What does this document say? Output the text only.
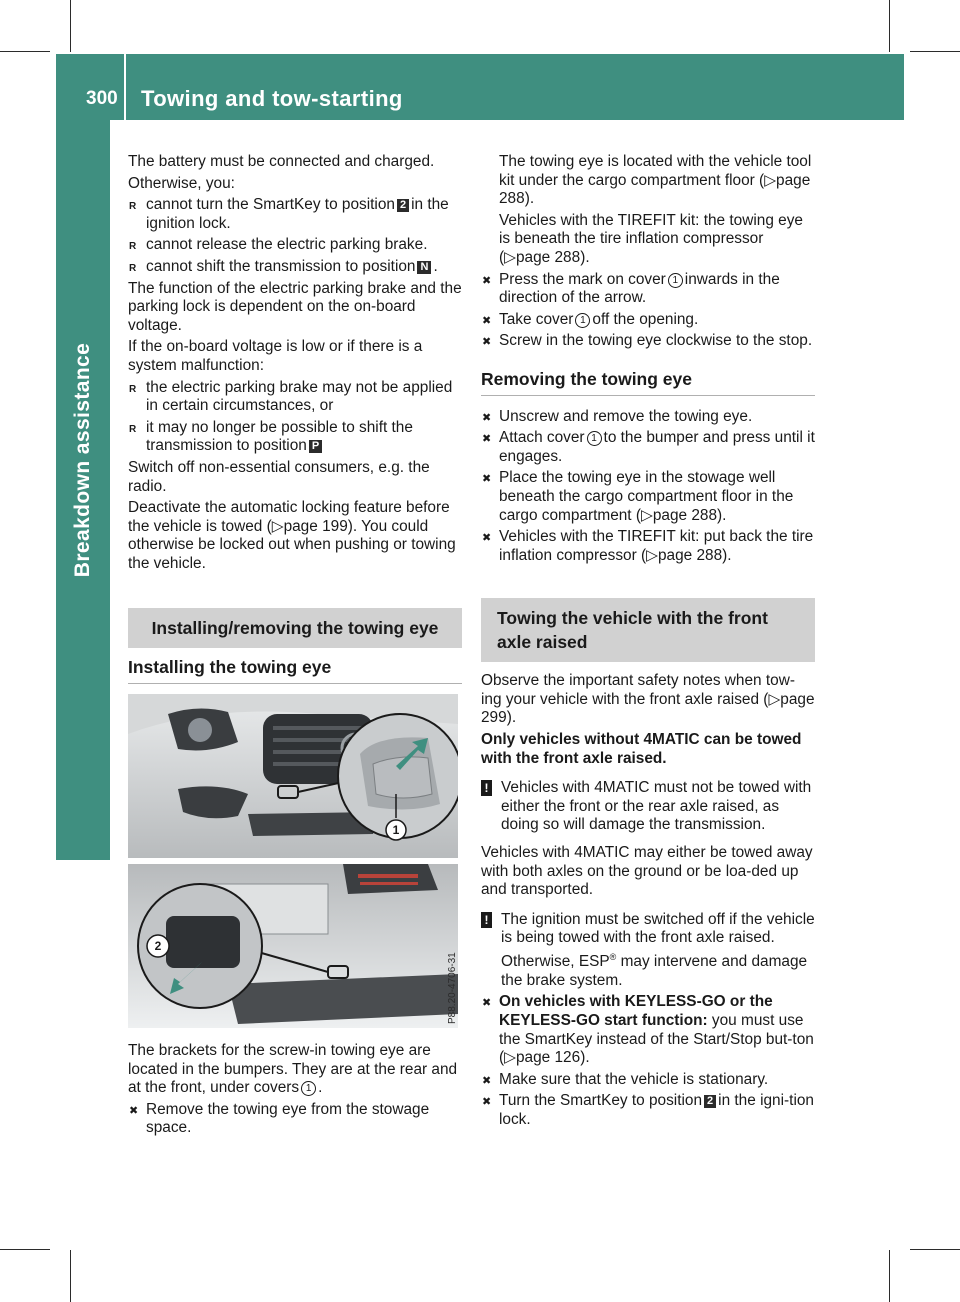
300 Towing and tow-starting
Breakdown assistance

The battery must be connected and charged.

Otherwise, you:

R cannot turn the SmartKey to position 2 in the ignition lock.
R cannot release the electric parking brake.
R cannot shift the transmission to position N .

The function of the electric parking brake and the parking lock is dependent on the on-board voltage.

If the on-board voltage is low or if there is a system malfunction:

R the electric parking brake may not be applied in certain circumstances, or
R it may no longer be possible to shift the transmission to position P

Switch off non-essential consumers, e.g. the radio.

Deactivate the automatic locking feature before the vehicle is towed (▷page 199). You could otherwise be locked out when pushing or towing the vehicle.

Installing/removing the towing eye
Installing the towing eye
1
2
P88.20-4706-31

The brackets for the screw-in towing eye are located in the bumpers. They are at the rear and at the front, under covers 1 .

✖ Remove the towing eye from the stowage space.

The towing eye is located with the vehicle tool kit under the cargo compartment floor (▷page 288).

Vehicles with the TIREFIT kit: the towing eye is beneath the tire inflation compressor (▷page 288).

✖ Press the mark on cover 1 inwards in the direction of the arrow.
✖ Take cover 1 off the opening.
✖ Screw in the towing eye clockwise to the stop.
Removing the towing eye
✖ Unscrew and remove the towing eye.
✖ Attach cover 1 to the bumper and press until it engages.
✖ Place the towing eye in the stowage well beneath the cargo compartment floor in the cargo compartment (▷page 288).
✖ Vehicles with the TIREFIT kit: put back the tire inflation compressor (▷page 288).
Towing the vehicle with the front axle raised

Observe the important safety notes when tow-ing your vehicle with the front axle raised (▷page 299).

Only vehicles without 4MATIC can be towed with the front axle raised.

! Vehicles with 4MATIC must not be towed with either the front or the rear axle raised, as doing so will damage the transmission.

Vehicles with 4MATIC may either be towed away with both axles on the ground or be loa-ded up and transported.

! The ignition must be switched off if the vehicle is being towed with the front axle raised. Otherwise, ESP® may intervene and damage the brake system.
✖ On vehicles with KEYLESS-GO or the KEYLESS-GO start function: you must use the SmartKey instead of the Start/Stop but-ton (▷page 126).
✖ Make sure that the vehicle is stationary.
✖ Turn the SmartKey to position 2 in the igni-tion lock.
